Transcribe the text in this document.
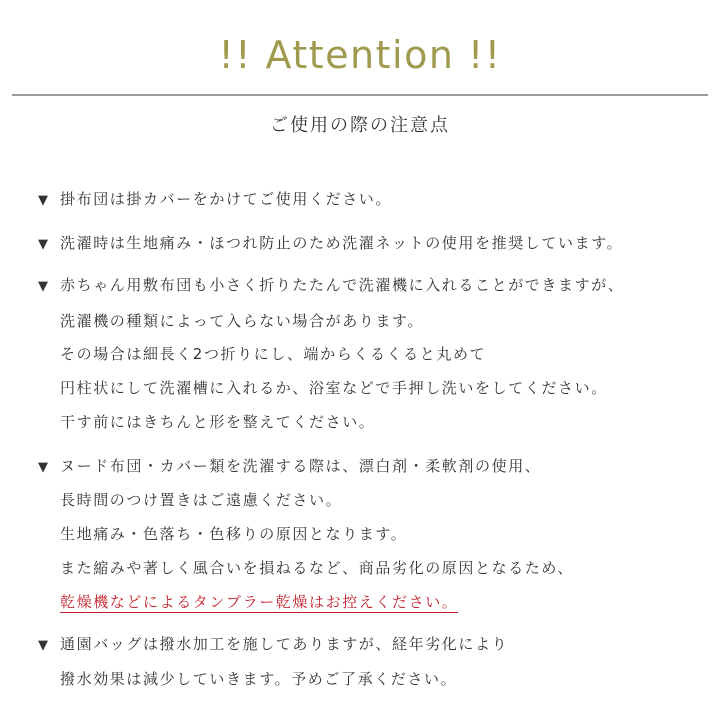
!! Attention !!
ご使用の際の注意点
▼ 掛布団は掛カバーをかけてご使用ください。
▼ 洗濯時は生地痛み・ほつれ防止のため洗濯ネットの使用を推奨しています。
▼ 赤ちゃん用敷布団も小さく折りたたんで洗濯機に入れることができますが、
洗濯機の種類によって入らない場合があります。
その場合は細長く2つ折りにし、端からくるくると丸めて
円柱状にして洗濯槽に入れるか、浴室などで手押し洗いをしてください。
干す前にはきちんと形を整えてください。
▼ ヌード布団・カバー類を洗濯する際は、漂白剤・柔軟剤の使用、
長時間のつけ置きはご遠慮ください。
生地痛み・色落ち・色移りの原因となります。
また縮みや著しく風合いを損ねるなど、商品劣化の原因となるため、
乾燥機などによるタンブラー乾燥はお控えください。
▼ 通園バッグは撥水加工を施してありますが、経年劣化により
撥水効果は減少していきます。予めご了承ください。
